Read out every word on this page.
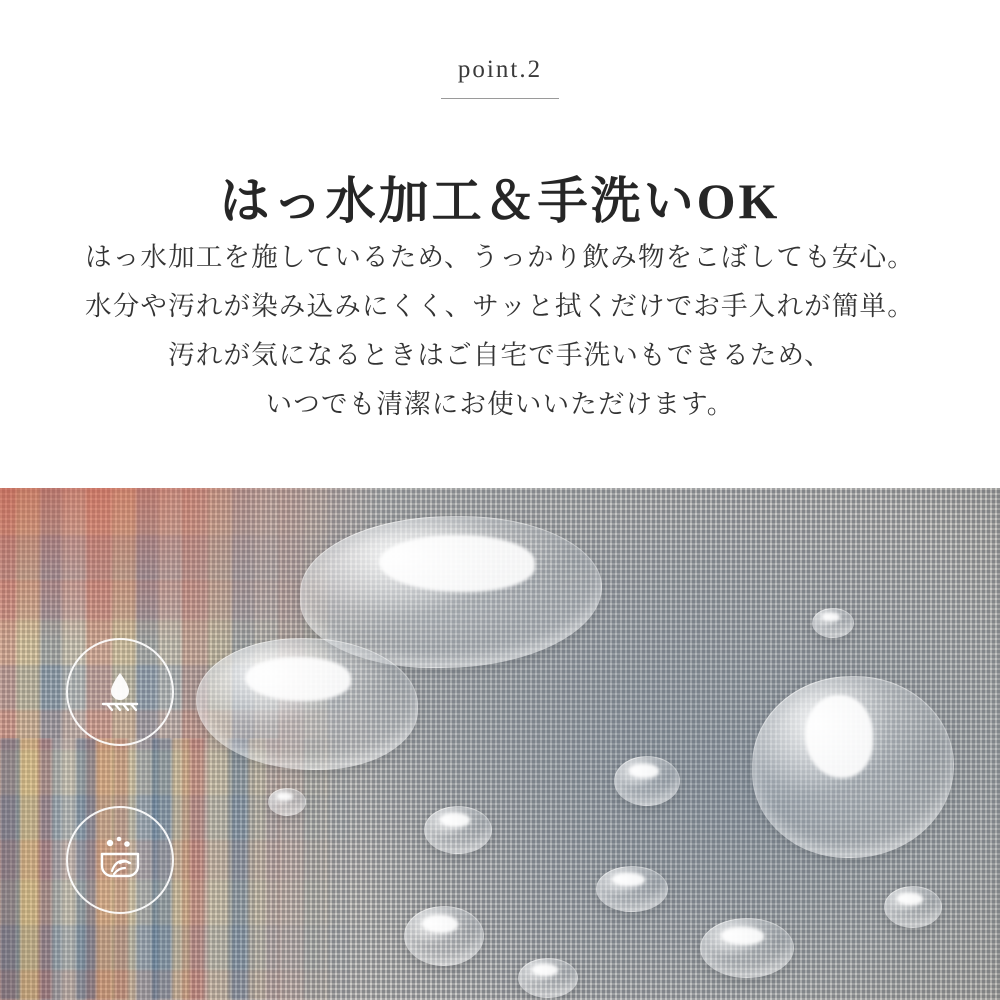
point.2
はっ水加工＆手洗いOK
はっ水加工を施しているため、うっかり飲み物をこぼしても安心。
水分や汚れが染み込みにくく、サッと拭くだけでお手入れが簡単。
汚れが気になるときはご自宅で手洗いもできるため、
いつでも清潔にお使いいただけます。
